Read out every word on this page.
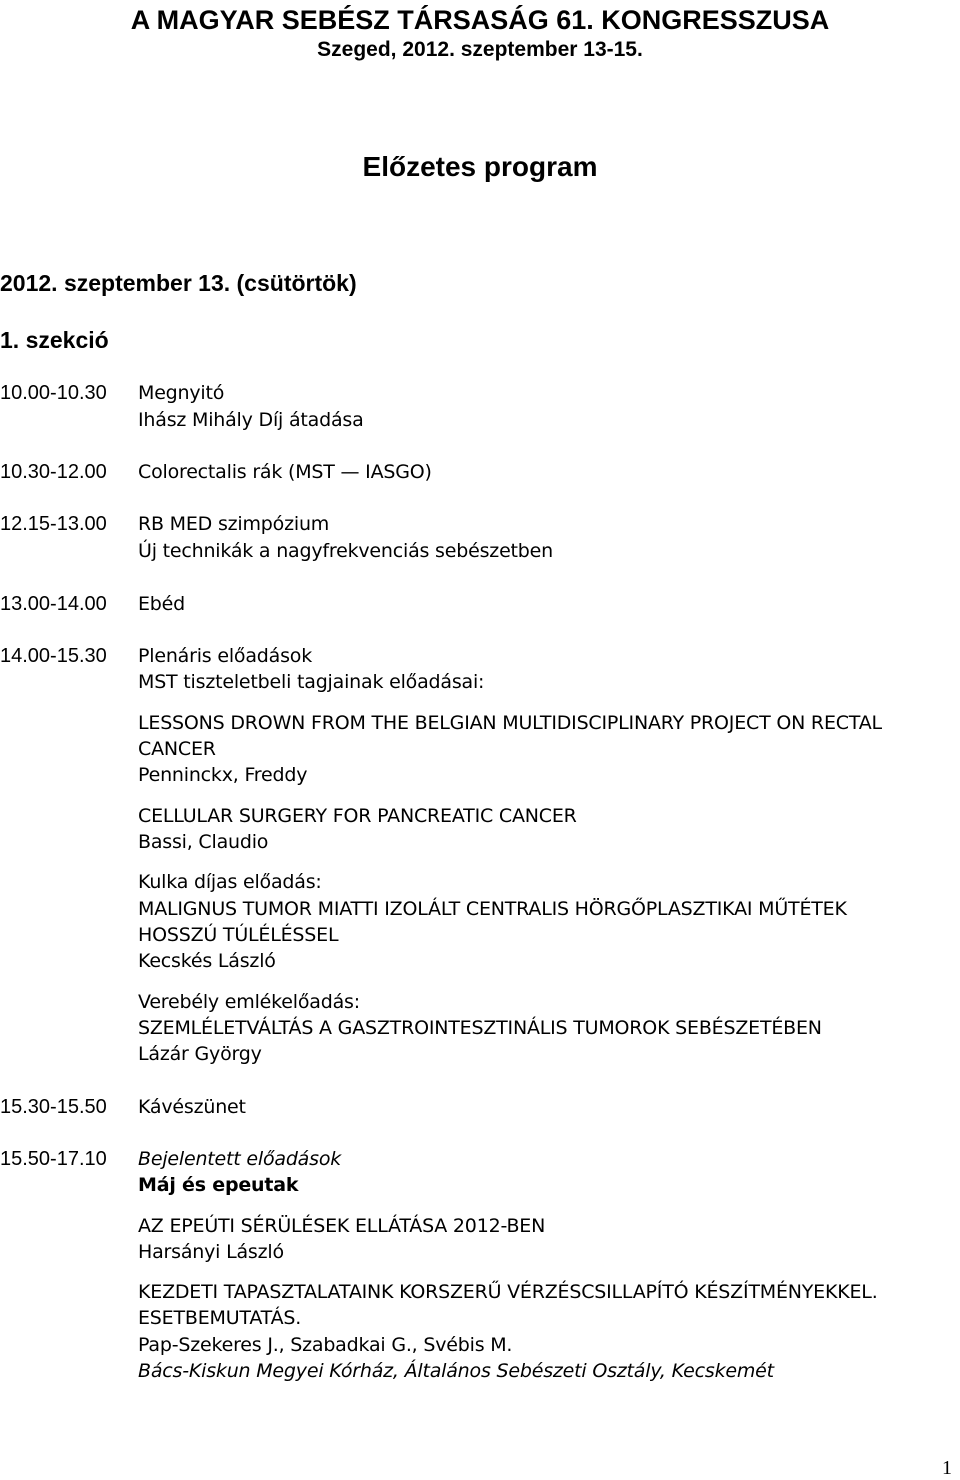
A MAGYAR SEBÉSZ TÁRSASÁG 61. KONGRESSZUSA
Szeged, 2012. szeptember 13-15.
Előzetes program
2012. szeptember 13. (csütörtök)
1. szekció
10.00-10.30 Megnyitó
Ihász Mihály Díj átadása
10.30-12.00 Colorectalis rák (MST — IASGO)
12.15-13.00 RB MED szimpózium
Új technikák a nagyfrekvenciás sebészetben
13.00-14.00 Ebéd
14.00-15.30 Plenáris előadások
MST tiszteletbeli tagjainak előadásai:
LESSONS DROWN FROM THE BELGIAN MULTIDISCIPLINARY PROJECT ON RECTAL
CANCER
Penninckx, Freddy
CELLULAR SURGERY FOR PANCREATIC CANCER
Bassi, Claudio
Kulka díjas előadás:
MALIGNUS TUMOR MIATTI IZOLÁLT CENTRALIS HÖRGŐPLASZTIKAI MŰTÉTEK
HOSSZÚ TÚLÉLÉSSEL
Kecskés László
Verebély emlékelőadás:
SZEMLÉLETVÁLTÁS A GASZTROINTESZTINÁLIS TUMOROK SEBÉSZETÉBEN
Lázár György
15.30-15.50 Kávészünet
15.50-17.10 Bejelentett előadások
Máj és epeutak
AZ EPEÚTI SÉRÜLÉSEK ELLÁTÁSA 2012-BEN
Harsányi László
KEZDETI TAPASZTALATAINK KORSZERŰ VÉRZÉSCSILLAPÍTÓ KÉSZÍTMÉNYEKKEL.
ESETBEMUTATÁS.
Pap-Szekeres J., Szabadkai G., Svébis M.
Bács-Kiskun Megyei Kórház, Általános Sebészeti Osztály, Kecskemét
1
